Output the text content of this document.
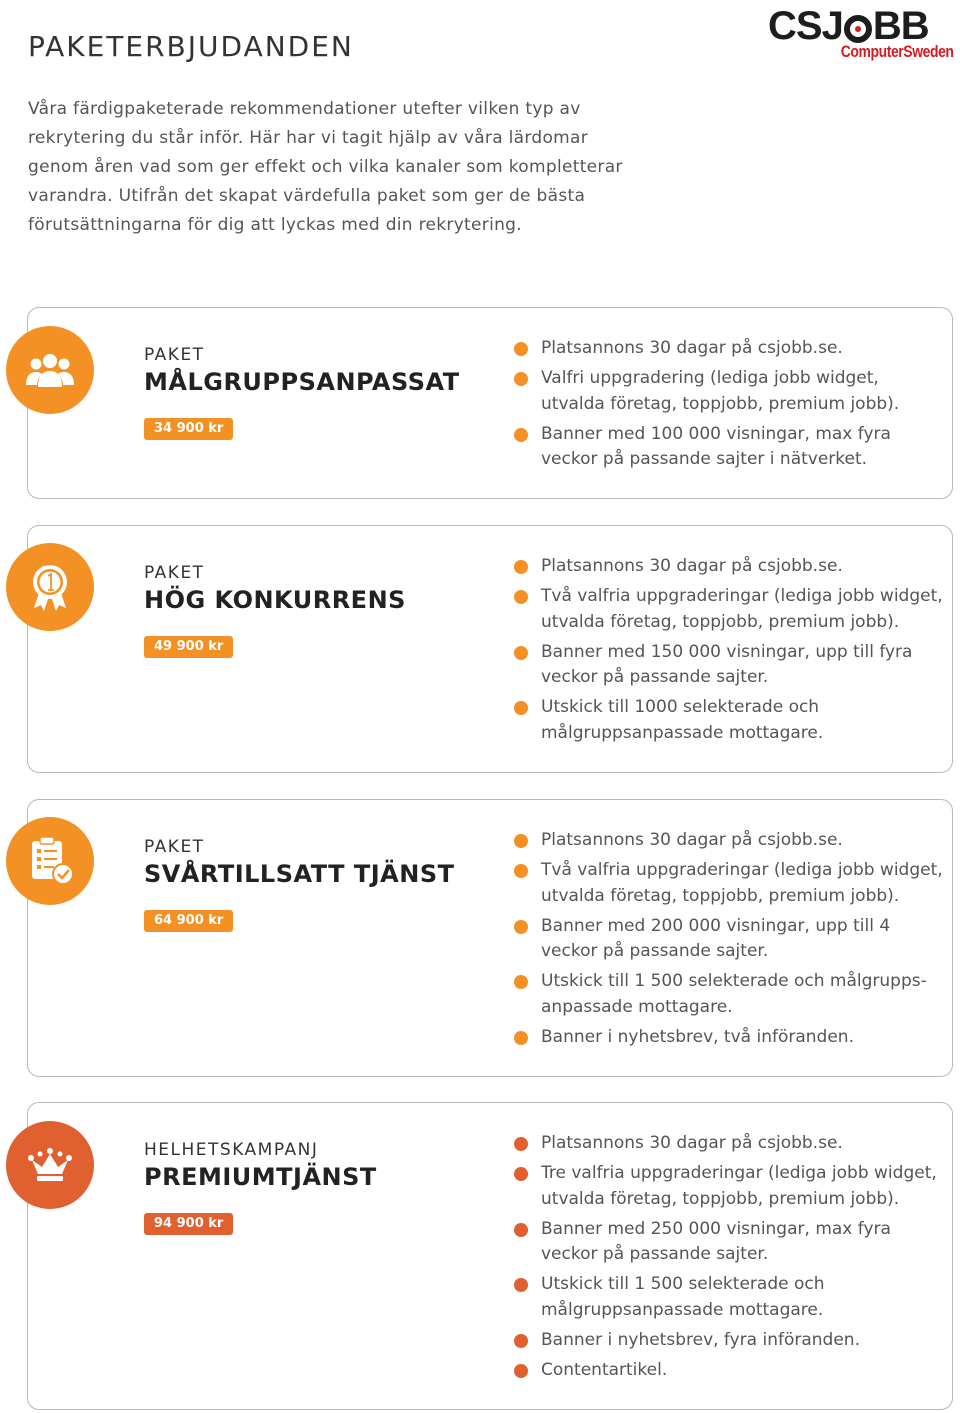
PAKETERBJUDANDEN	CSJ BB
ComputerSweden

Våra färdigpaketerade rekommendationer utefter vilken typ av rekrytering du står inför. Här har vi tagit hjälp av våra lärdomar genom åren vad som ger effekt och vilka kanaler som kompletterar varandra. Utifrån det skapat värdefulla paket som ger de bästa förutsättningarna för dig att lyckas med din rekrytering.

PAKET
MÅLGRUPPSANPASSAT
34 900 kr
Platsannons 30 dagar på csjobb.se.
Valfri uppgradering (lediga jobb widget, utvalda företag, toppjobb, premium jobb).
Banner med 100 000 visningar, max fyra veckor på passande sajter i nätverket.
PAKET
HÖG KONKURRENS
49 900 kr
Platsannons 30 dagar på csjobb.se.
Två valfria uppgraderingar (lediga jobb widget, utvalda företag, toppjobb, premium jobb).
Banner med 150 000 visningar, upp till fyra veckor på passande sajter.
Utskick till 1000 selekterade och målgruppsanpassade mottagare.
PAKET
SVÅRTILLSATT TJÄNST
64 900 kr
Platsannons 30 dagar på csjobb.se.
Två valfria uppgraderingar (lediga jobb widget, utvalda företag, toppjobb, premium jobb).
Banner med 200 000 visningar, upp till 4 veckor på passande sajter.
Utskick till 1 500 selekterade och målgrupps- anpassade mottagare.
Banner i nyhetsbrev, två införanden.
HELHETSKAMPANJ
PREMIUMTJÄNST
94 900 kr
Platsannons 30 dagar på csjobb.se.
Tre valfria uppgraderingar (lediga jobb widget, utvalda företag, toppjobb, premium jobb).
Banner med 250 000 visningar, max fyra veckor på passande sajter.
Utskick till 1 500 selekterade och målgruppsanpassade mottagare.
Banner i nyhetsbrev, fyra införanden.
Contentartikel.
